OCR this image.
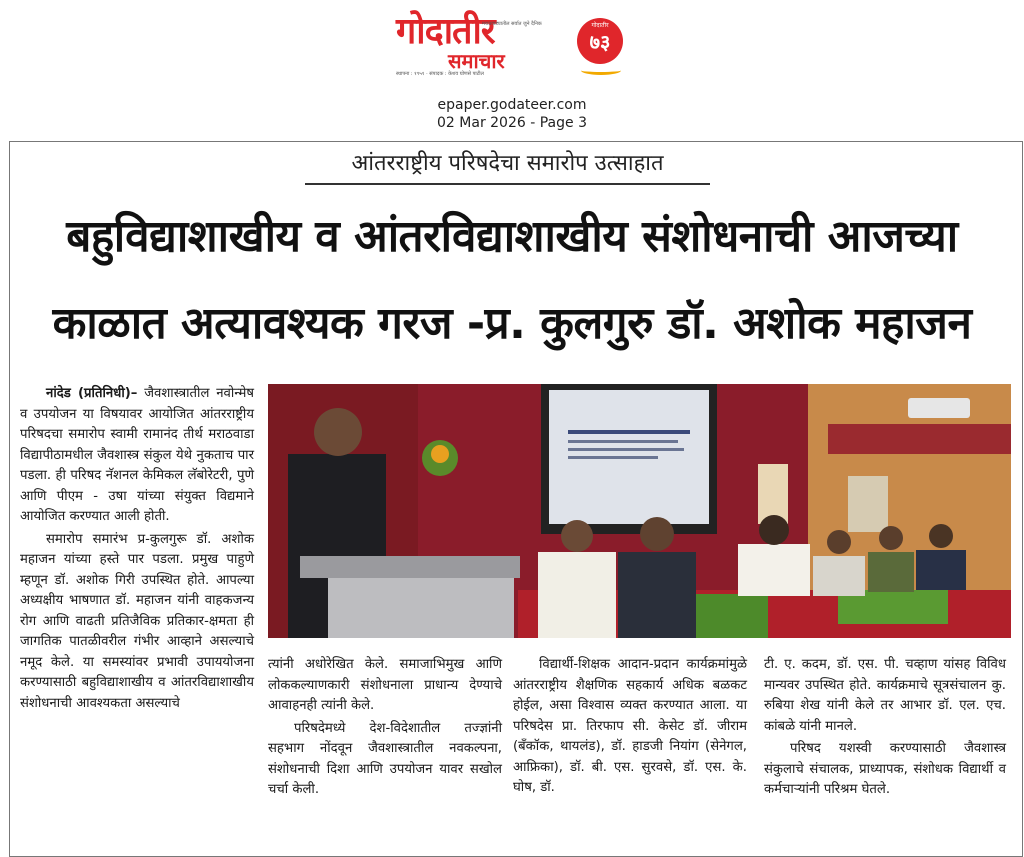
गोदातीर
मराठवाड्यातील सर्वात जुने दैनिक
समाचार
स्थापना : १९५१ · संपादक : केशव घोणसे पाटील
गोदातीर
७३
epaper.godateer.com
02 Mar 2026 - Page 3
आंतरराष्ट्रीय परिषदेचा समारोप उत्साहात
बहुविद्याशाखीय व आंतरविद्याशाखीय संशोधनाची आजच्या
काळात अत्यावश्यक गरज -प्र. कुलगुरु डॉ. अशोक महाजन

नांदेड (प्रतिनिधी)– जैवशास्त्रातील नवोन्मेष व उपयोजन या विषयावर आयोजित आंतरराष्ट्रीय परिषदचा समारोप स्वामी रामानंद तीर्थ मराठवाडा विद्यापीठामधील जैवशास्त्र संकुल येथे नुकताच पार पडला. ही परिषद नॅशनल केमिकल लॅबोरेटरी, पुणे आणि पीएम - उषा यांच्या संयुक्त विद्यमाने आयोजित करण्यात आली होती.

समारोप समारंभ प्र-कुलगुरू डॉ. अशोक महाजन यांच्या हस्ते पार पडला. प्रमुख पाहुणे म्हणून डॉ. अशोक गिरी उपस्थित होते. आपल्या अध्यक्षीय भाषणात डॉ. महाजन यांनी वाहकजन्य रोग आणि वाढती प्रतिजैविक प्रतिकार-क्षमता ही जागतिक पातळीवरील गंभीर आव्हाने असल्याचे नमूद केले. या समस्यांवर प्रभावी उपाययोजना करण्यासाठी बहुविद्याशाखीय व आंतरविद्याशाखीय संशोधनाची आवश्यकता असल्याचे

त्यांनी अधोरेखित केले. समाजाभिमुख आणि लोककल्याणकारी संशोधनाला प्राधान्य देण्याचे आवाहनही त्यांनी केले.

परिषदेमध्ये देश-विदेशातील तज्ज्ञांनी सहभाग नोंदवून जैवशास्त्रातील नवकल्पना, संशोधनाची दिशा आणि उपयोजन यावर सखोल चर्चा केली.

विद्यार्थी-शिक्षक आदान-प्रदान कार्यक्रमांमुळे आंतरराष्ट्रीय शैक्षणिक सहकार्य अधिक बळकट होईल, असा विश्वास व्यक्त करण्यात आला. या परिषदेस प्रा. तिरफाप सी. केसेट डॉ. जीराम (बँकॉक, थायलंड), डॉ. हाडजी नियांग (सेनेगल, आफ्रिका), डॉ. बी. एस. सुरवसे, डॉ. एस. के. घोष, डॉ.

टी. ए. कदम, डॉ. एस. पी. चव्हाण यांसह विविध मान्यवर उपस्थित होते. कार्यक्रमाचे सूत्रसंचालन कु. रुबिया शेख यांनी केले तर आभार डॉ. एल. एच. कांबळे यांनी मानले.

परिषद यशस्वी करण्यासाठी जैवशास्त्र संकुलाचे संचालक, प्राध्यापक, संशोधक विद्यार्थी व कर्मचाऱ्यांनी परिश्रम घेतले.
